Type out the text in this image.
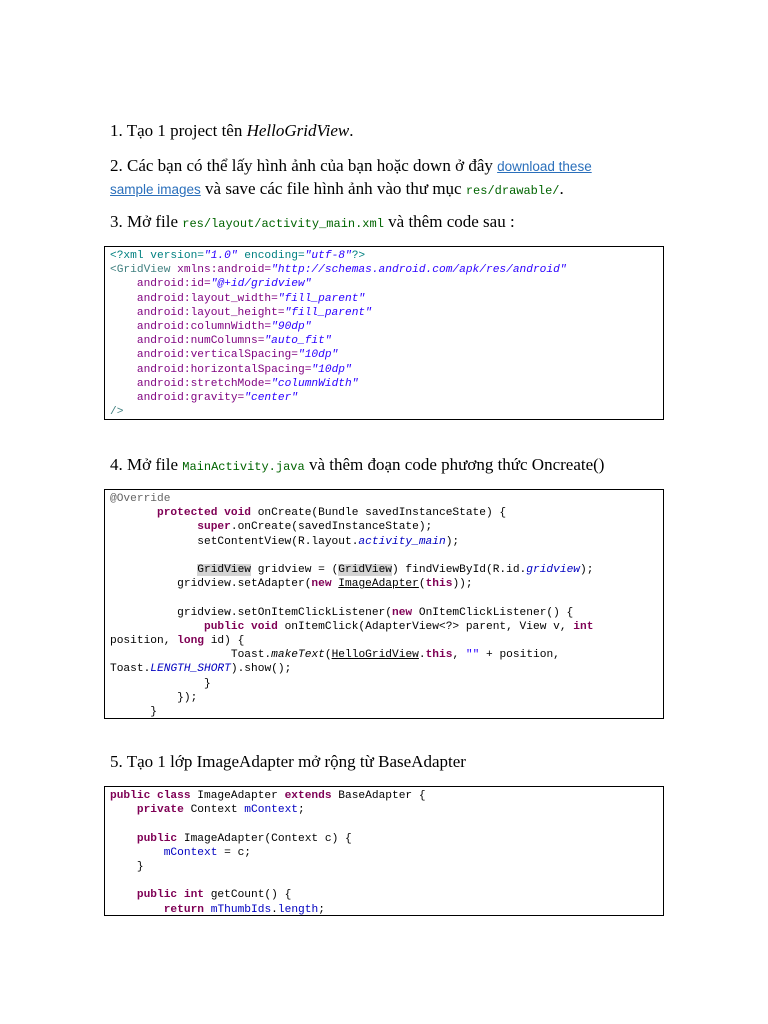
1. Tạo 1 project tên HelloGridView.
2. Các bạn có thể lấy hình ảnh của bạn hoặc down ở đây download these
sample images và save các file hình ảnh vào thư mục res/drawable/.
3. Mở file res/layout/activity_main.xml và thêm code sau :
<?xml version="1.0" encoding="utf-8"?>
<GridView xmlns:android="http://schemas.android.com/apk/res/android"
android:id="@+id/gridview"
android:layout_width="fill_parent"
android:layout_height="fill_parent"
android:columnWidth="90dp"
android:numColumns="auto_fit"
android:verticalSpacing="10dp"
android:horizontalSpacing="10dp"
android:stretchMode="columnWidth"
android:gravity="center"
/>
4. Mở file MainActivity.java và thêm đoạn code phương thức Oncreate()
@Override
protected void onCreate(Bundle savedInstanceState) {
super.onCreate(savedInstanceState);
setContentView(R.layout.activity_main);

GridView gridview = (GridView) findViewById(R.id.gridview);
gridview.setAdapter(new ImageAdapter(this));

gridview.setOnItemClickListener(new OnItemClickListener() {
public void onItemClick(AdapterView<?> parent, View v, int
position, long id) {
Toast.makeText(HelloGridView.this, "" + position,
Toast.LENGTH_SHORT).show();
}
});
}
5. Tạo 1 lớp ImageAdapter mở rộng từ BaseAdapter
public class ImageAdapter extends BaseAdapter {
private Context mContext;

public ImageAdapter(Context c) {
mContext = c;
}

public int getCount() {
return mThumbIds.length;
